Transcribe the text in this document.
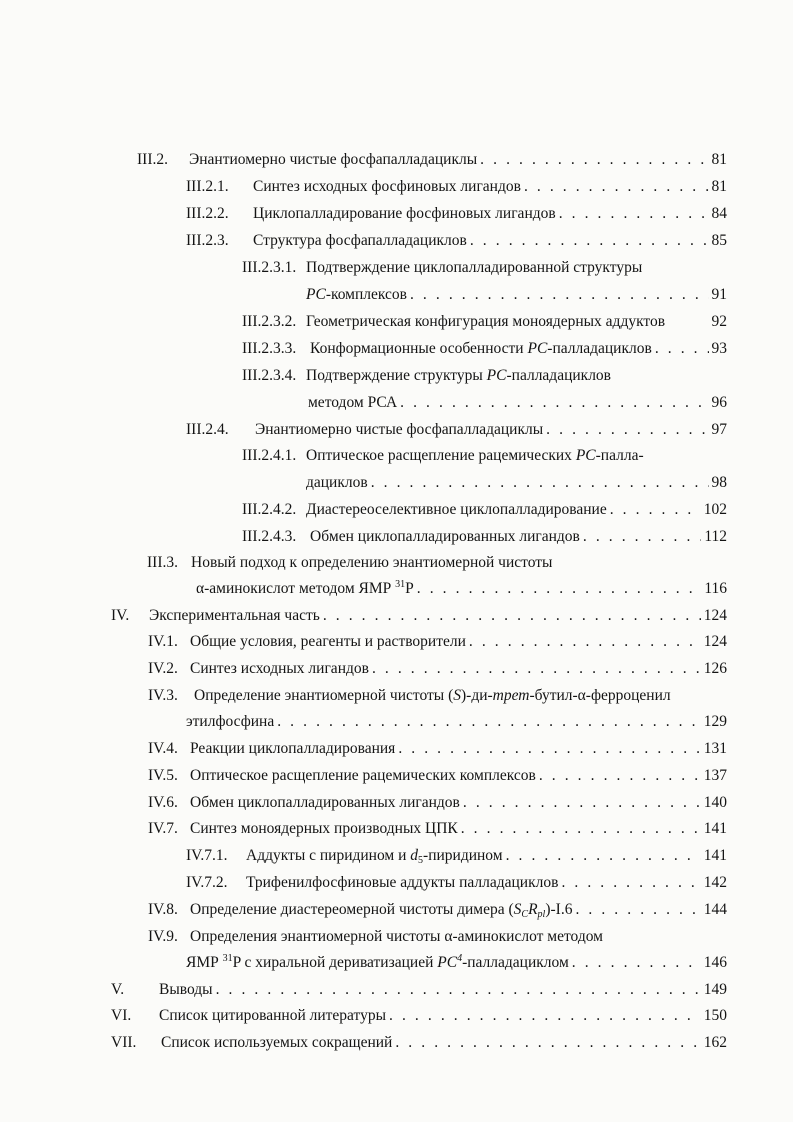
III.2.	Энантиомерно чистые фосфапалладациклы . . .	81
III.2.1.	Синтез исходных фосфиновых лигандов . . .	81
III.2.2.	Циклопалладирование фосфиновых лигандов . . .	84
III.2.3.	Структура фосфапалладациклов . . .	85
III.2.3.1. Подтверждение циклопалладированной структуры
PC-комплексов . . .	91
III.2.3.2. Геометрическая конфигурация моноядерных аддуктов	92
III.2.3.3. Конформационные особенности PC-палладациклов . . .	93
III.2.3.4. Подтверждение структуры PC-палладациклов
методом РСА . . .	96
III.2.4.	Энантиомерно чистые фосфапалладациклы . . .	97
III.2.4.1. Оптическое расщепление рацемических PC-палла-
дациклов . . .	98
III.2.4.2. Диастереоселективное циклопалладирование . . .	102
III.2.4.3. Обмен циклопалладированных лигандов . . .	112
III.3. Новый подход к определению энантиомерной чистоты
α-аминокислот методом ЯМР $^{31}$P . . .	116
IV.	Экспериментальная часть . . .	124
IV.1. Общие условия, реагенты и растворители . . .	124
IV.2. Синтез исходных лигандов . . .	126
IV.3. Определение энантиомерной чистоты (S)-ди-трет-бутил-α-ферроценил
этилфосфина . . .	129
IV.4. Реакции циклопалладирования . . .	131
IV.5. Оптическое расщепление рацемических комплексов . . .	137
IV.6. Обмен циклопалладированных лигандов . . .	140
IV.7. Синтез моноядерных производных ЦПК . . .	141
IV.7.1.	Аддукты с пиридином и $d_5$-пиридином . . .	141
IV.7.2.	Трифенилфосфиновые аддукты палладациклов . . .	142
IV.8. Определение диастереомерной чистоты димера $(S_CR_{pl})-I.6$ . . .	144
IV.9. Определения энантиомерной чистоты α-аминокислот методом
ЯМР $^{31}$P с хиральной дериватизацией $PC^4$-палладациклом . . .	146
V.	Выводы . . .	149
VI.	Список цитированной литературы . . .	150
VII.	Список используемых сокращений . . .	162
